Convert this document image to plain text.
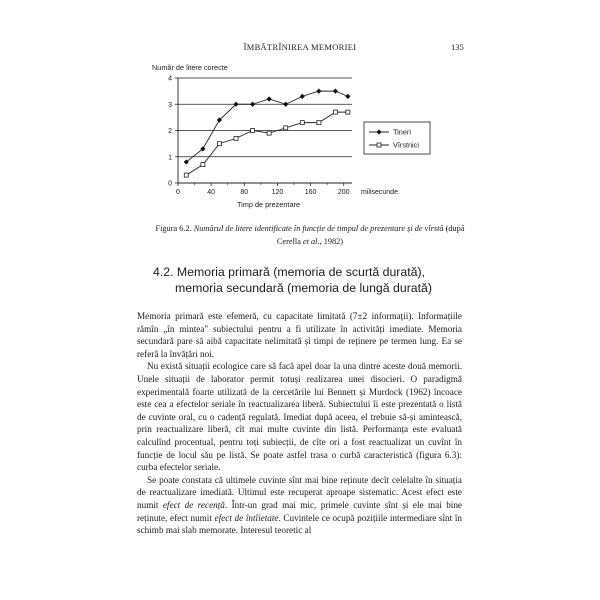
ÎMBĂTRÎNIREA MEMORIEI	135
0
1
2
3
4
0	40	80	120	160	200
Număr de litere corecte
Timp de prezentare
milisecunde
Tineri
Vîrstnici
Figura 6.2. Numărul de litere identificate în funcție de timpul de prezentare și de vîrstă (după Cerella et al., 1982)
4.2. Memoria primară (memoria de scurtă durată),
memoria secundară (memoria de lungă durată)

Memoria primară este efemeră, cu capacitate limitată (7±2 informații). Informațiile rămîn „în mintea" subiectului pentru a fi utilizate în activități imediate. Memoria secundară pare să aibă capacitate nelimitată și timpi de reținere pe termen lung. Ea se referă la învățări noi.

Nu există situații ecologice care să facă apel doar la una dintre aceste două memorii. Unele situații de laborator permit totuși realizarea unei disocieri. O paradigmă experimentală foarte utilizată de la cercetările lui Bennett și Murdock (1962) încoace este cea a efectelor seriale în reactualizarea liberă. Subiectului îi este prezentată o listă de cuvinte oral, cu o cadență regulată. Imediat după aceea, el trebuie să-și amintească, prin reactualizare liberă, cît mai multe cuvinte din listă. Performanța este evaluată calculînd procentual, pentru toți subiecții, de cîte ori a fost reactualizat un cuvînt în funcție de locul său pe listă. Se poate astfel trasa o curbă caracteristică (figura 6.3): curba efectelor seriale.

Se poate constata că ultimele cuvinte sînt mai bine reținute decît celelalte în situația de reactualizare imediată. Ultimul este recuperat aproape sistematic. Acest efect este numit efect de recență. Într-un grad mai mic, primele cuvinte sînt și ele mai bine reținute, efect numit efect de întîietate. Cuvintele ce ocupă pozițiile intermediare sînt în schimb mai slab memorate. Interesul teoretic al
